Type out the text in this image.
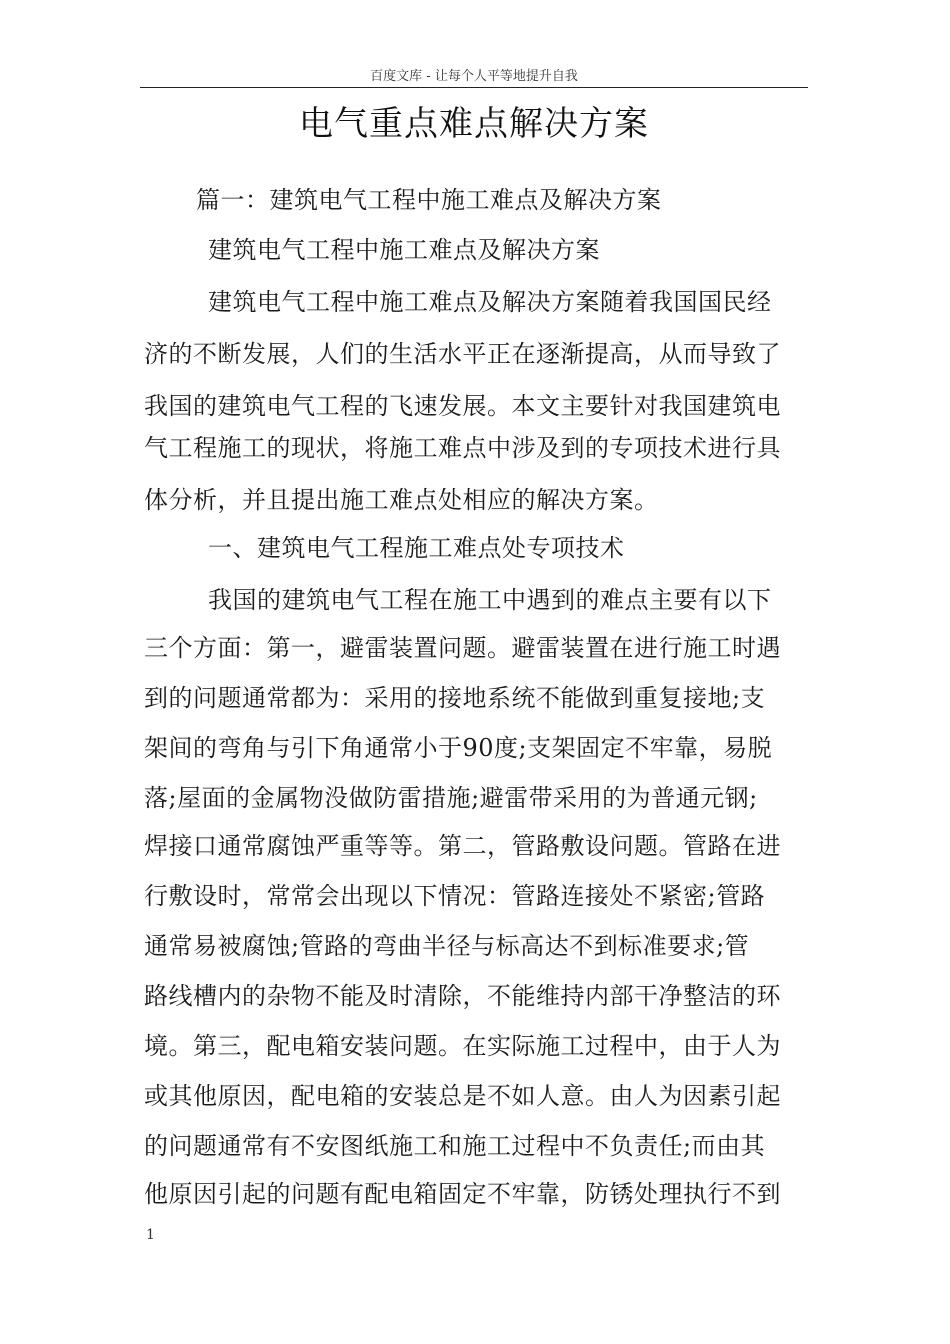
百度文库 - 让每个人平等地提升自我
电气重点难点解决方案
篇一：建筑电气工程中施工难点及解决方案
建筑电气工程中施工难点及解决方案
建筑电气工程中施工难点及解决方案随着我国国民经
济的不断发展，人们的生活水平正在逐渐提高，从而导致了
我国的建筑电气工程的飞速发展。本文主要针对我国建筑电
气工程施工的现状，将施工难点中涉及到的专项技术进行具
体分析，并且提出施工难点处相应的解决方案。
一、建筑电气工程施工难点处专项技术
我国的建筑电气工程在施工中遇到的难点主要有以下
三个方面：第一，避雷装置问题。避雷装置在进行施工时遇
到的问题通常都为：采用的接地系统不能做到重复接地;支
架间的弯角与引下角通常小于90度;支架固定不牢靠，易脱
落;屋面的金属物没做防雷措施;避雷带采用的为普通元钢;
焊接口通常腐蚀严重等等。第二，管路敷设问题。管路在进
行敷设时，常常会出现以下情况：管路连接处不紧密;管路
通常易被腐蚀;管路的弯曲半径与标高达不到标准要求;管
路线槽内的杂物不能及时清除，不能维持内部干净整洁的环
境。第三，配电箱安装问题。在实际施工过程中，由于人为
或其他原因，配电箱的安装总是不如人意。由人为因素引起
的问题通常有不安图纸施工和施工过程中不负责任;而由其
他原因引起的问题有配电箱固定不牢靠，防锈处理执行不到
1
